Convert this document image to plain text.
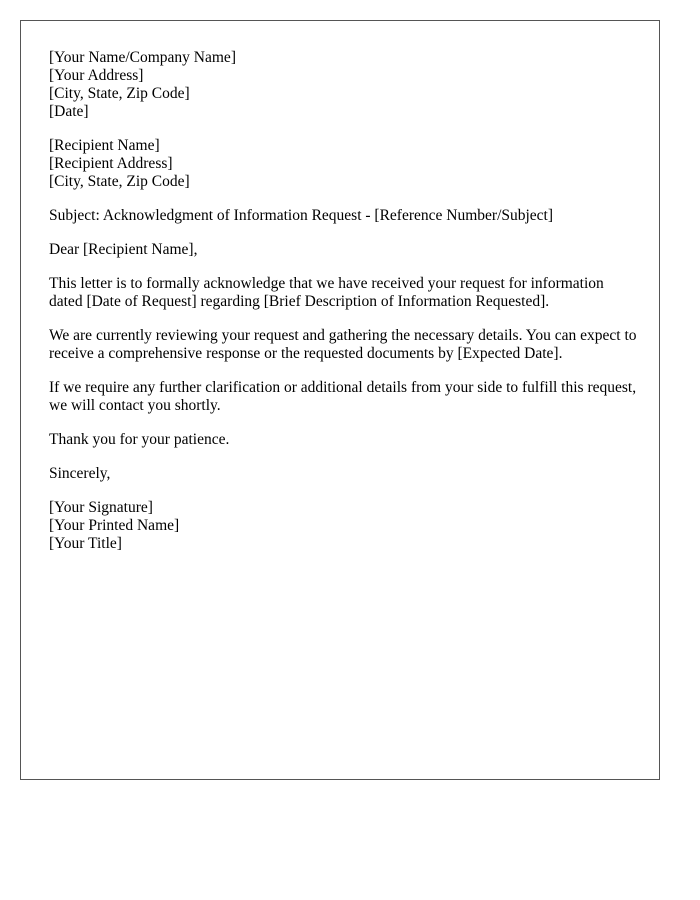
[Your Name/Company Name]
[Your Address]
[City, State, Zip Code]
[Date]
[Recipient Name]
[Recipient Address]
[City, State, Zip Code]

Subject: Acknowledgment of Information Request - [Reference Number/Subject]

Dear [Recipient Name],

This letter is to formally acknowledge that we have received your request for information dated [Date of Request] regarding [Brief Description of Information Requested].

We are currently reviewing your request and gathering the necessary details. You can expect to receive a comprehensive response or the requested documents by [Expected Date].

If we require any further clarification or additional details from your side to fulfill this request, we will contact you shortly.

Thank you for your patience.

Sincerely,

[Your Signature]
[Your Printed Name]
[Your Title]
